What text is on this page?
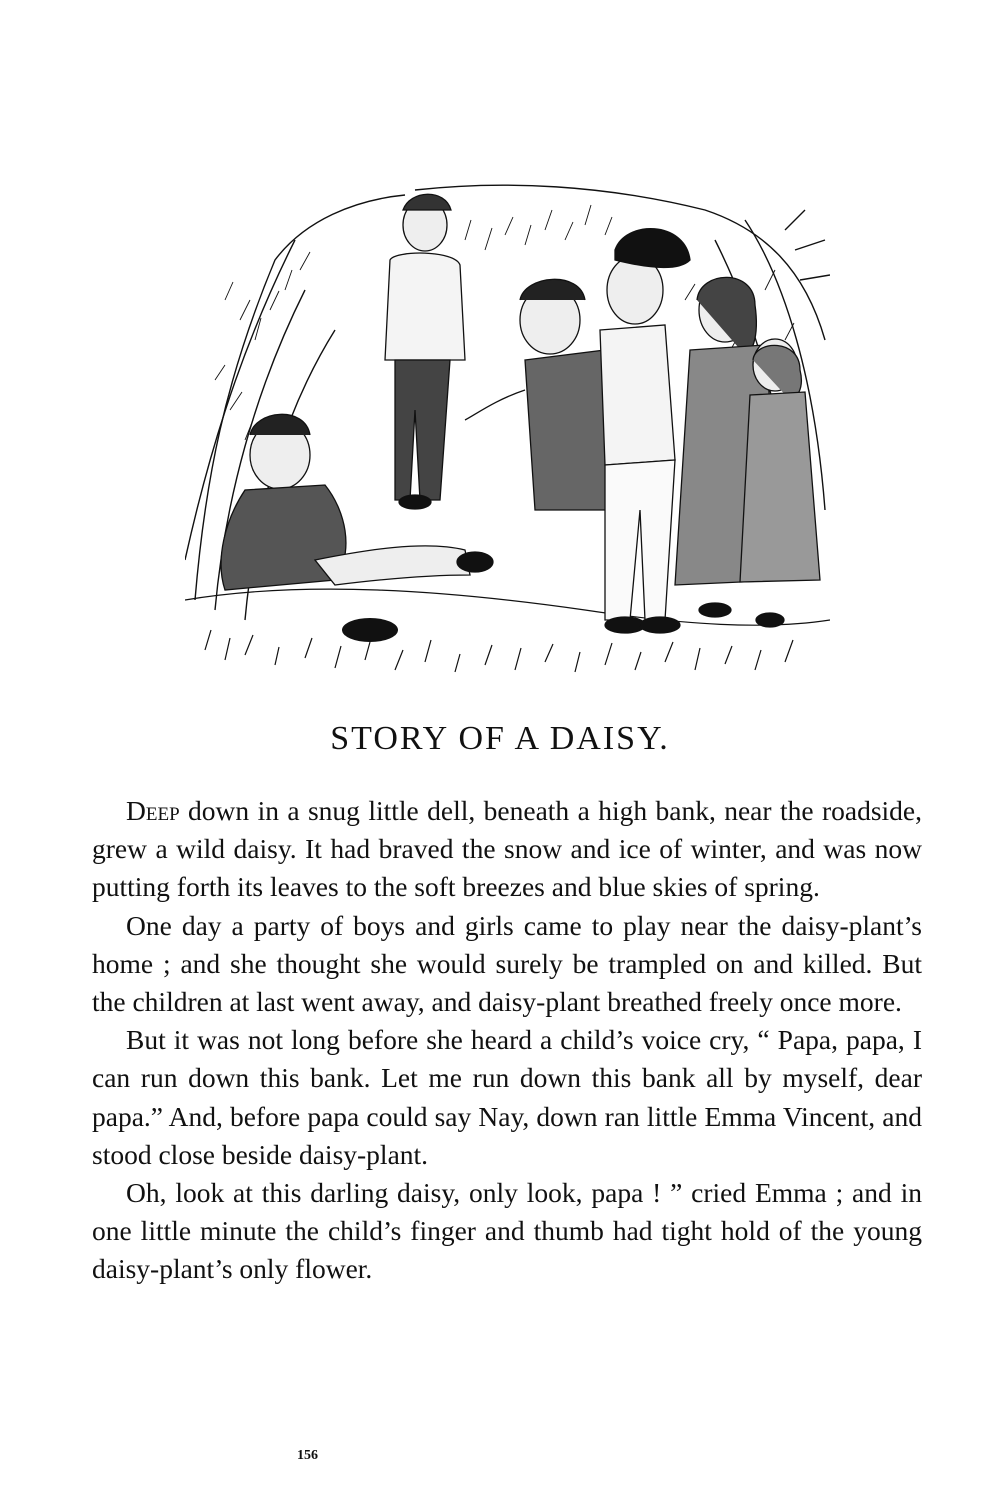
STORY OF A DAISY.

Deep down in a snug little dell, beneath a high bank, near the roadside, grew a wild daisy. It had braved the snow and ice of winter, and was now putting forth its leaves to the soft breezes and blue skies of spring.

One day a party of boys and girls came to play near the daisy-plant’s home ; and she thought she would surely be trampled on and killed. But the children at last went away, and daisy-plant breathed freely once more.

But it was not long before she heard a child’s voice cry, “ Papa, papa, I can run down this bank. Let me run down this bank all by myself, dear papa.” And, before papa could say Nay, down ran little Emma Vincent, and stood close beside daisy-plant.

Oh, look at this darling daisy, only look, papa ! ” cried Emma ; and in one little minute the child’s finger and thumb had tight hold of the young daisy-plant’s only flower.

156
